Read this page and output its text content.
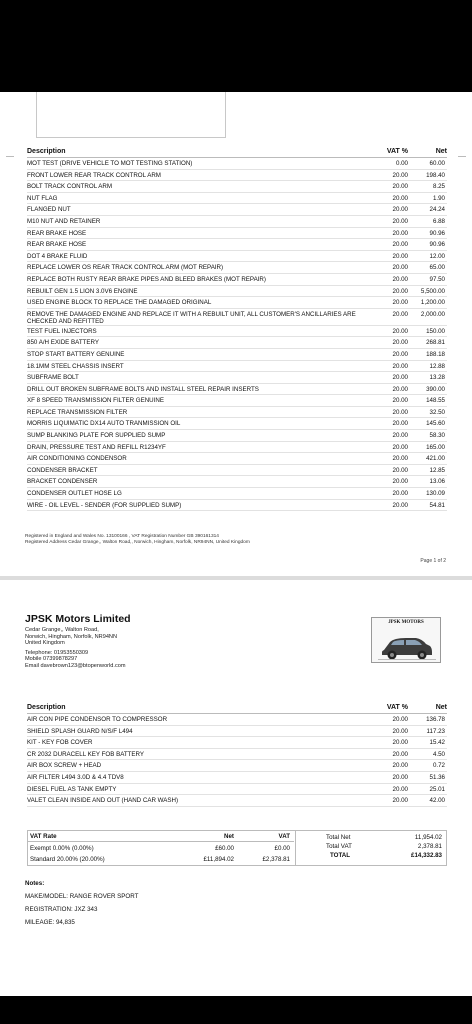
Description	VAT %	Net
MOT TEST (DRIVE VEHICLE TO MOT TESTING STATION)	0.00	60.00
FRONT LOWER REAR TRACK CONTROL ARM	20.00	198.40
BOLT TRACK CONTROL ARM	20.00	8.25
NUT FLAG	20.00	1.90
FLANGED NUT	20.00	24.24
M10 NUT AND RETAINER	20.00	6.88
REAR BRAKE HOSE	20.00	90.96
REAR BRAKE HOSE	20.00	90.96
DOT 4 BRAKE FLUID	20.00	12.00
REPLACE LOWER OS REAR TRACK CONTROL ARM (MOT REPAIR)	20.00	65.00
REPLACE BOTH RUSTY REAR BRAKE PIPES AND BLEED BRAKES (MOT REPAIR)	20.00	97.50
REBUILT GEN 1.5 LION 3.0V6 ENGINE	20.00	5,500.00
USED ENGINE BLOCK TO REPLACE THE DAMAGED ORIGINAL	20.00	1,200.00
REMOVE THE DAMAGED ENGINE AND REPLACE IT WITH A REBUILT UNIT, ALL CUSTOMER'S ANCILLARIES ARE CHECKED AND REFITTED
20.00	2,000.00
TEST FUEL INJECTORS	20.00	150.00
850 A/H EXIDE BATTERY	20.00	268.81
STOP START BATTERY GENUINE	20.00	188.18
18.1MM STEEL CHASSIS INSERT	20.00	12.88
SUBFRAME BOLT	20.00	13.28
DRILL OUT BROKEN SUBFRAME BOLTS AND INSTALL STEEL REPAIR INSERTS	20.00	390.00
XF 8 SPEED TRANSMISSION FILTER GENUINE	20.00	148.55
REPLACE TRANSMISSION FILTER	20.00	32.50
MORRIS LIQUIMATIC DX14 AUTO TRANMISSION OIL	20.00	145.60
SUMP BLANKING PLATE FOR SUPPLIED SUMP	20.00	58.30
DRAIN, PRESSURE TEST AND REFILL R1234YF	20.00	165.00
AIR CONDITIONING CONDENSOR	20.00	421.00
CONDENSER BRACKET	20.00	12.85
BRACKET CONDENSER	20.00	13.06
CONDENSER OUTLET HOSE LG	20.00	130.09
WIRE - OIL LEVEL - SENDER (FOR SUPPLIED SUMP)	20.00	54.81
Registered in England and Wales No. 13100166 , VAT Registration Number GB 390161314
Registered Address Cedar Grange,, Walton Road,, Norwich, Hingham, Norfolk, NR94NN, United Kingdom
Page 1 of 2
JPSK Motors Limited
Cedar Grange,, Walton Road,
Norwich, Hingham, Norfolk, NR94NN
United Kingdom
Telephone: 01953550309
Mobile 07399878297
Email davebrown123@btopenworld.com
JPSK MOTORS
Description	VAT %	Net
AIR CON PIPE CONDENSOR TO COMPRESSOR	20.00	136.78
SHIELD SPLASH GUARD N/S/F L494	20.00	117.23
KIT - KEY FOB COVER	20.00	15.42
CR 2032 DURACELL KEY FOB BATTERY	20.00	4.50
AIR BOX SCREW + HEAD	20.00	0.72
AIR FILTER L494 3.0D & 4.4 TDV8	20.00	51.36
DIESEL FUEL AS TANK EMPTY	20.00	25.01
VALET CLEAN INSIDE AND OUT (HAND CAR WASH)	20.00	42.00
VAT Rate	Net	VAT
Exempt 0.00% (0.00%)	£60.00	£0.00
Standard 20.00% (20.00%)	£11,894.02	£2,378.81
Total Net	11,954.02
Total VAT	2,378.81
TOTAL	£14,332.83
Notes:
MAKE/MODEL: RANGE ROVER SPORT
REGISTRATION: JXZ 343
MILEAGE: 94,835
